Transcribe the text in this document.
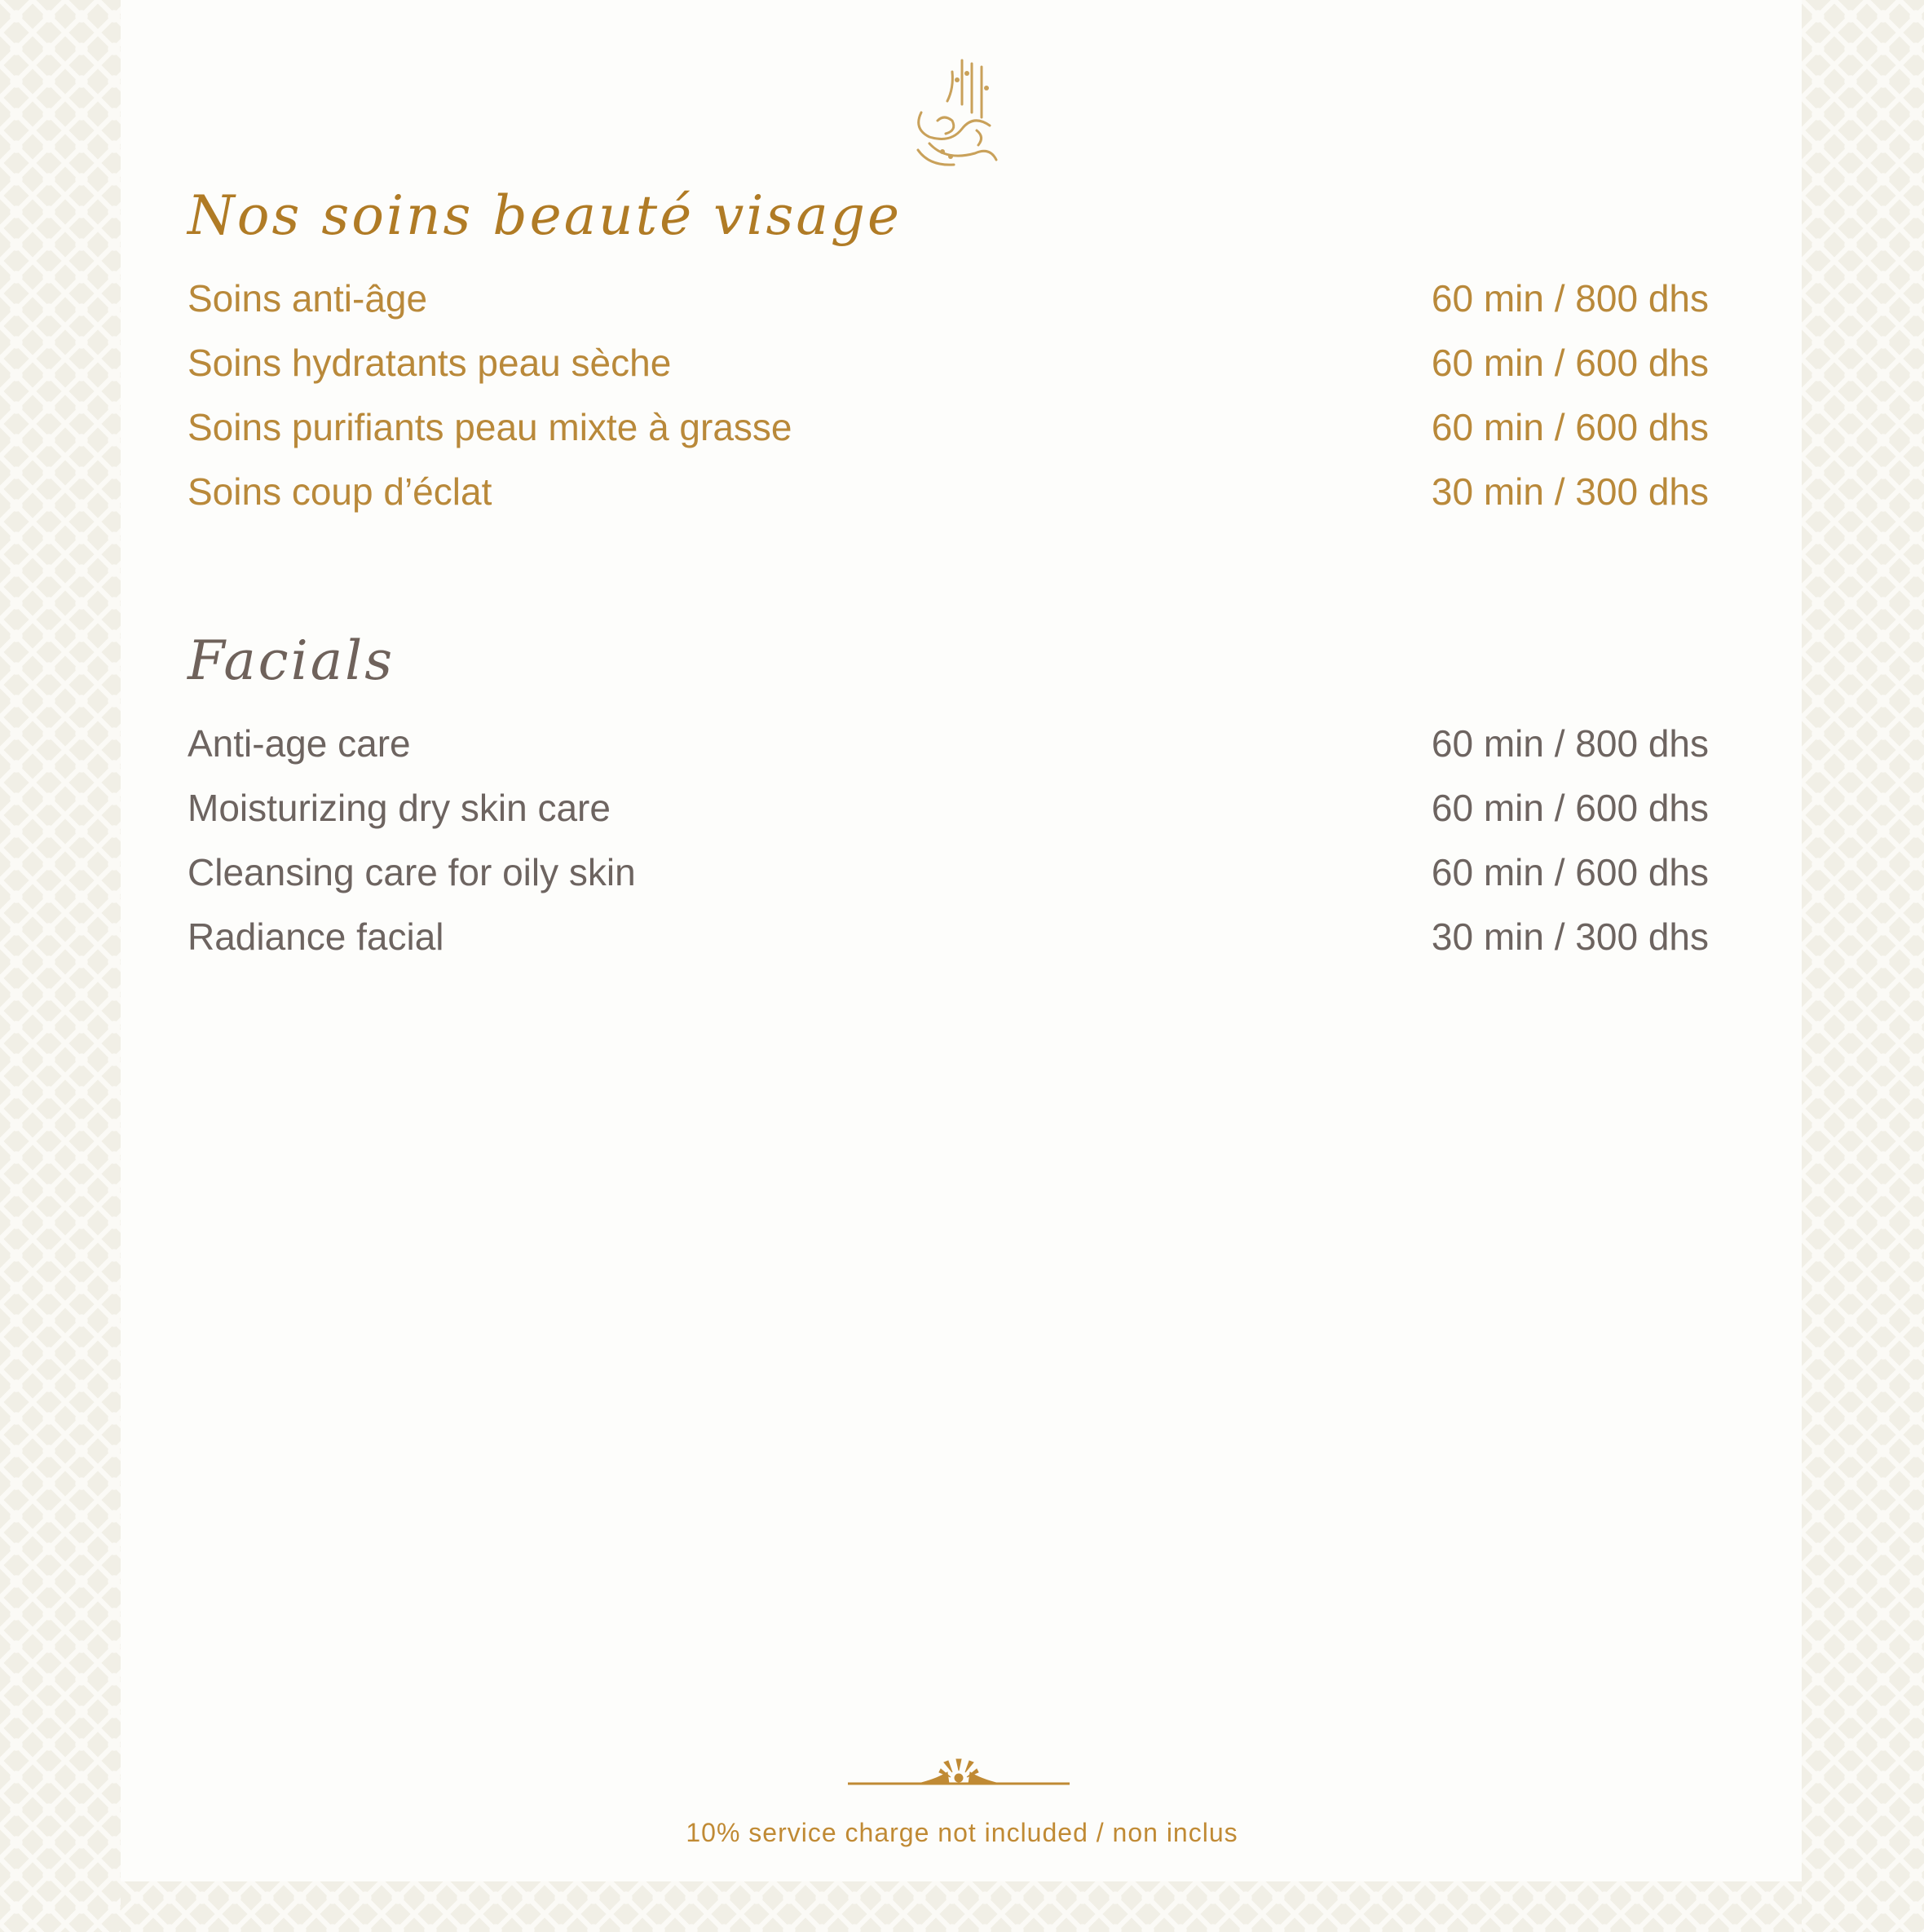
Nos soins beauté visage
Soins anti-âge	60 min / 800 dhs
Soins hydratants peau sèche	60 min / 600 dhs
Soins purifiants peau mixte à grasse	60 min / 600 dhs
Soins coup d’éclat	30 min / 300 dhs
Facials
Anti-age care	60 min / 800 dhs
Moisturizing dry skin care	60 min / 600 dhs
Cleansing care for oily skin	60 min / 600 dhs
Radiance facial	30 min / 300 dhs

10% service charge not included / non inclus
